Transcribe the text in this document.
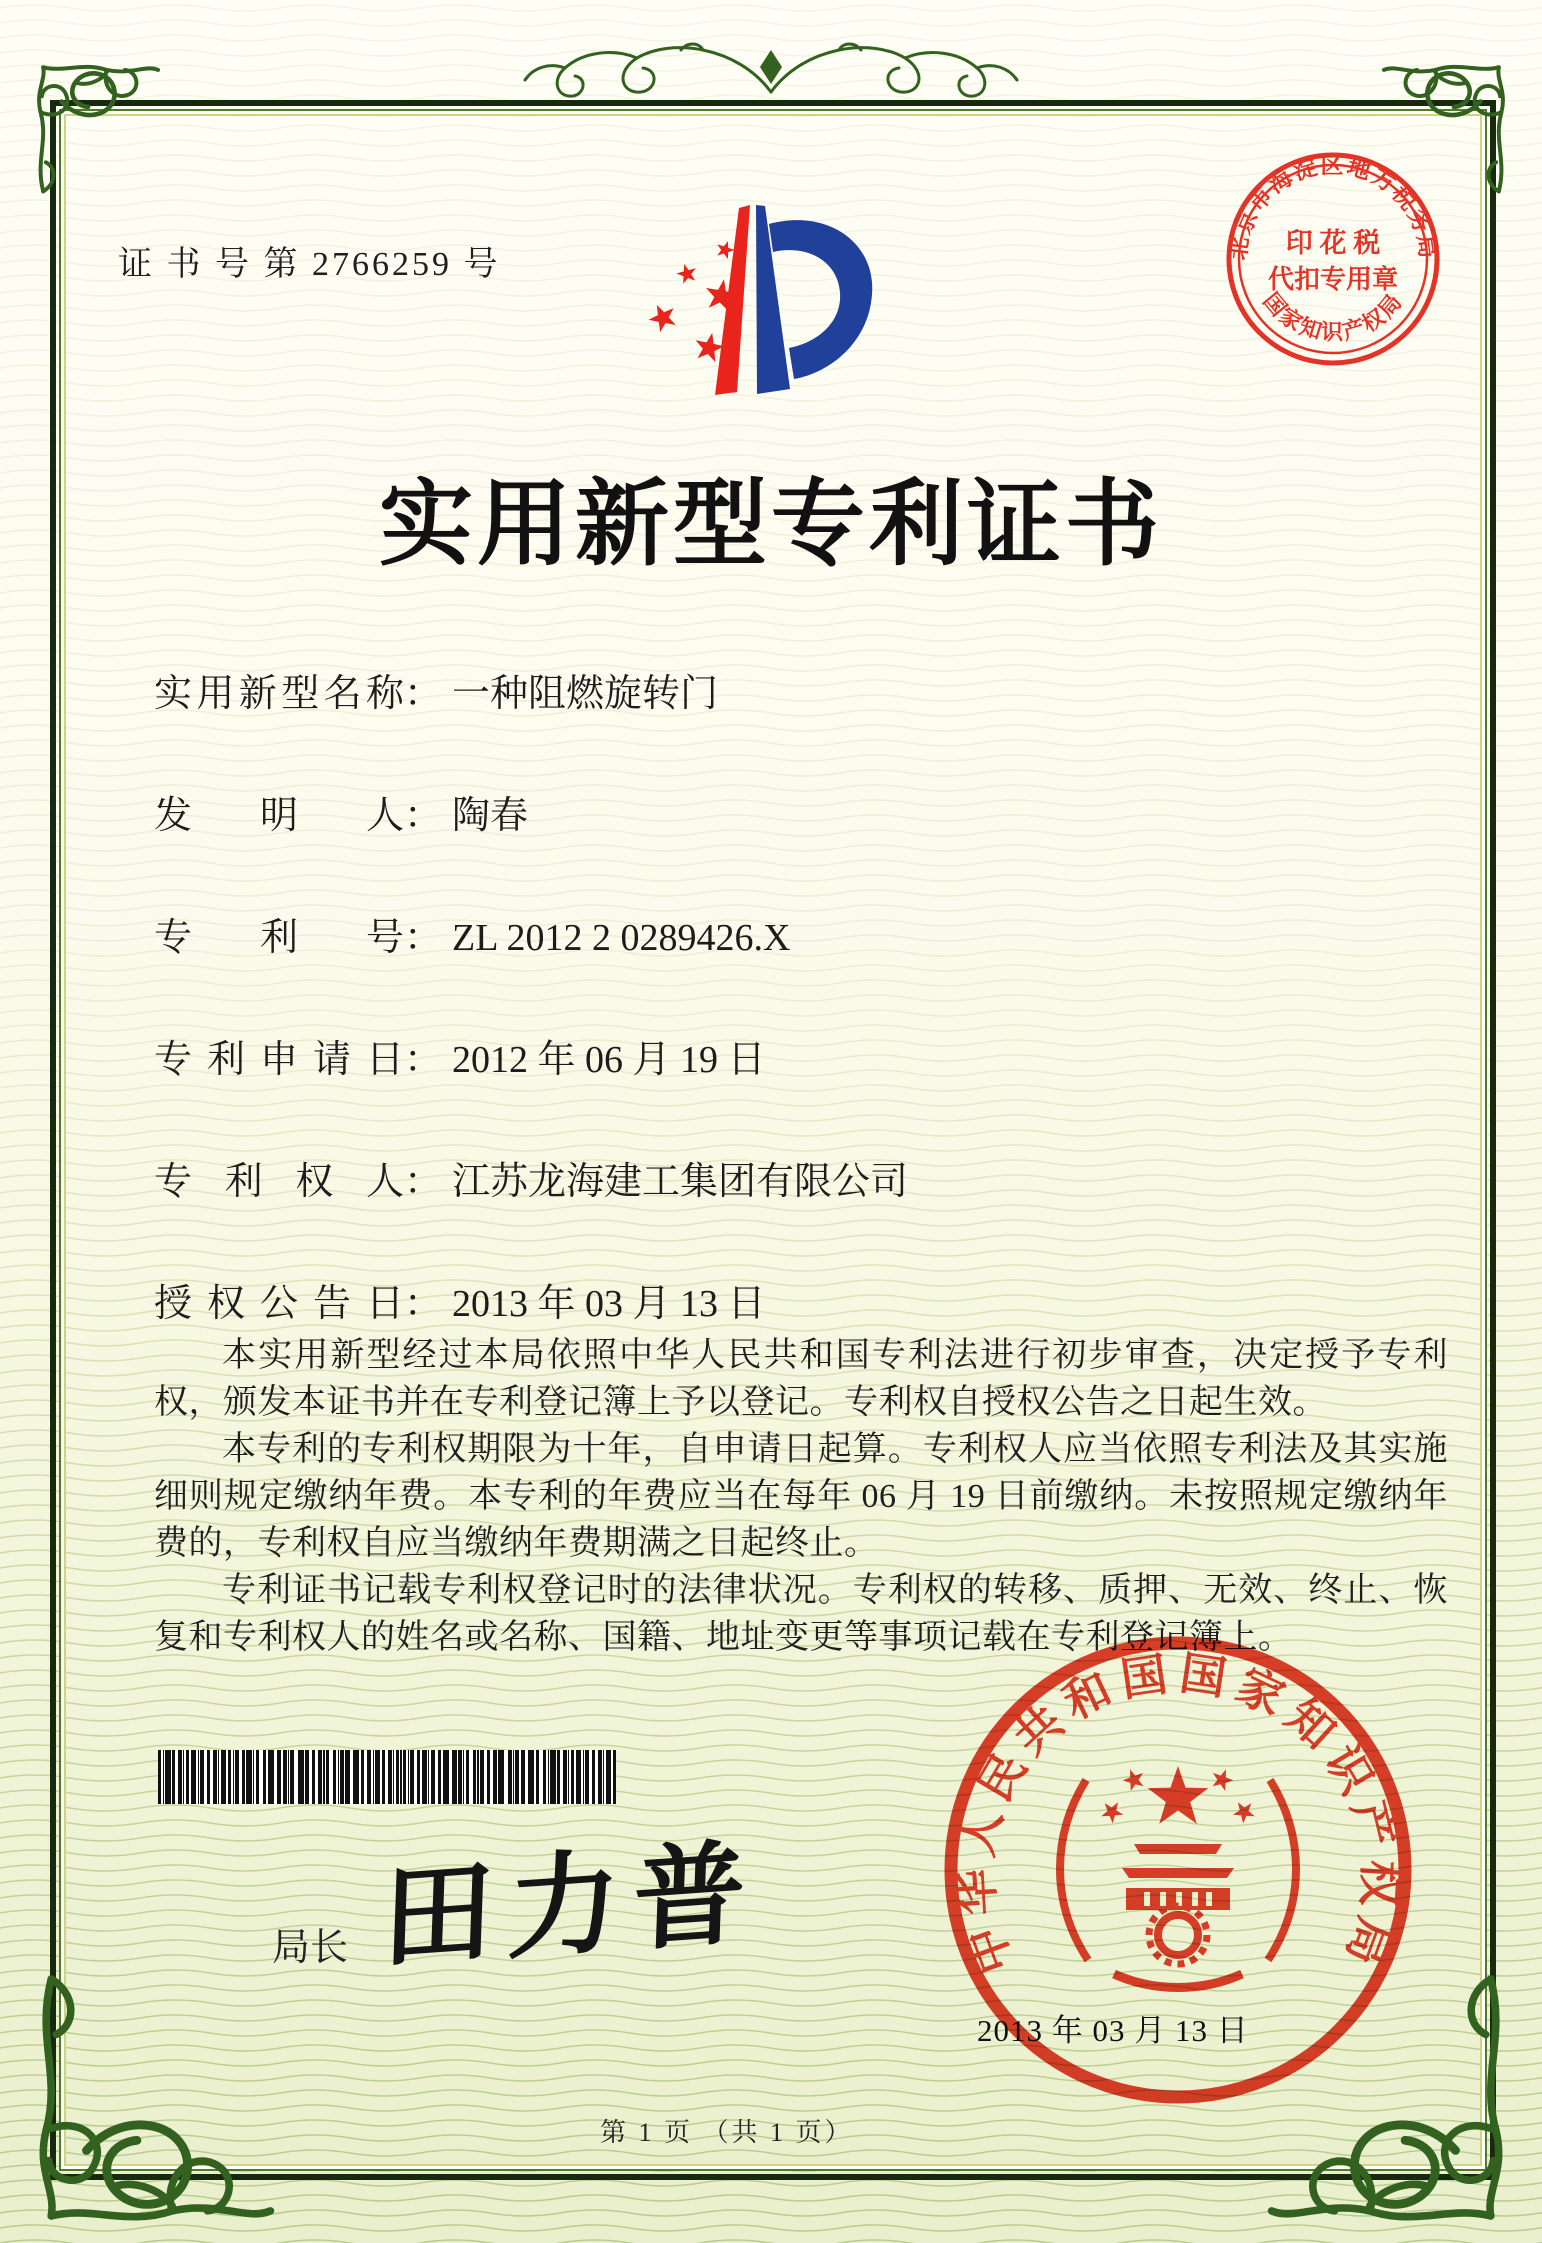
证 书 号 第 2766259 号	北京市海淀区地方税务局
国家知识产权局
印 花 税
代扣专用章
实用新型专利证书
实用新型名称： 一种阻燃旋转门
发明人： 陶春
专利号： ZL 2012 2 0289426.X
专利申请日： 2012 年 06 月 19 日
专利权人： 江苏龙海建工集团有限公司
授权公告日： 2013 年 03 月 13 日

本实用新型经过本局依照中华人民共和国专利法进行初步审查，决定授予专利权，颁发本证书并在专利登记簿上予以登记。专利权自授权公告之日起生效。

本专利的专利权期限为十年，自申请日起算。专利权人应当依照专利法及其实施细则规定缴纳年费。本专利的年费应当在每年 06 月 19 日前缴纳。未按照规定缴纳年费的，专利权自应当缴纳年费期满之日起终止。

专利证书记载专利权登记时的法律状况。专利权的转移、质押、无效、终止、恢复和专利权人的姓名或名称、国籍、地址变更等事项记载在专利登记簿上。

局长 田力普	中华人民共和国国家知识产权局
2013 年 03 月 13 日
第 1 页 （共 1 页）
